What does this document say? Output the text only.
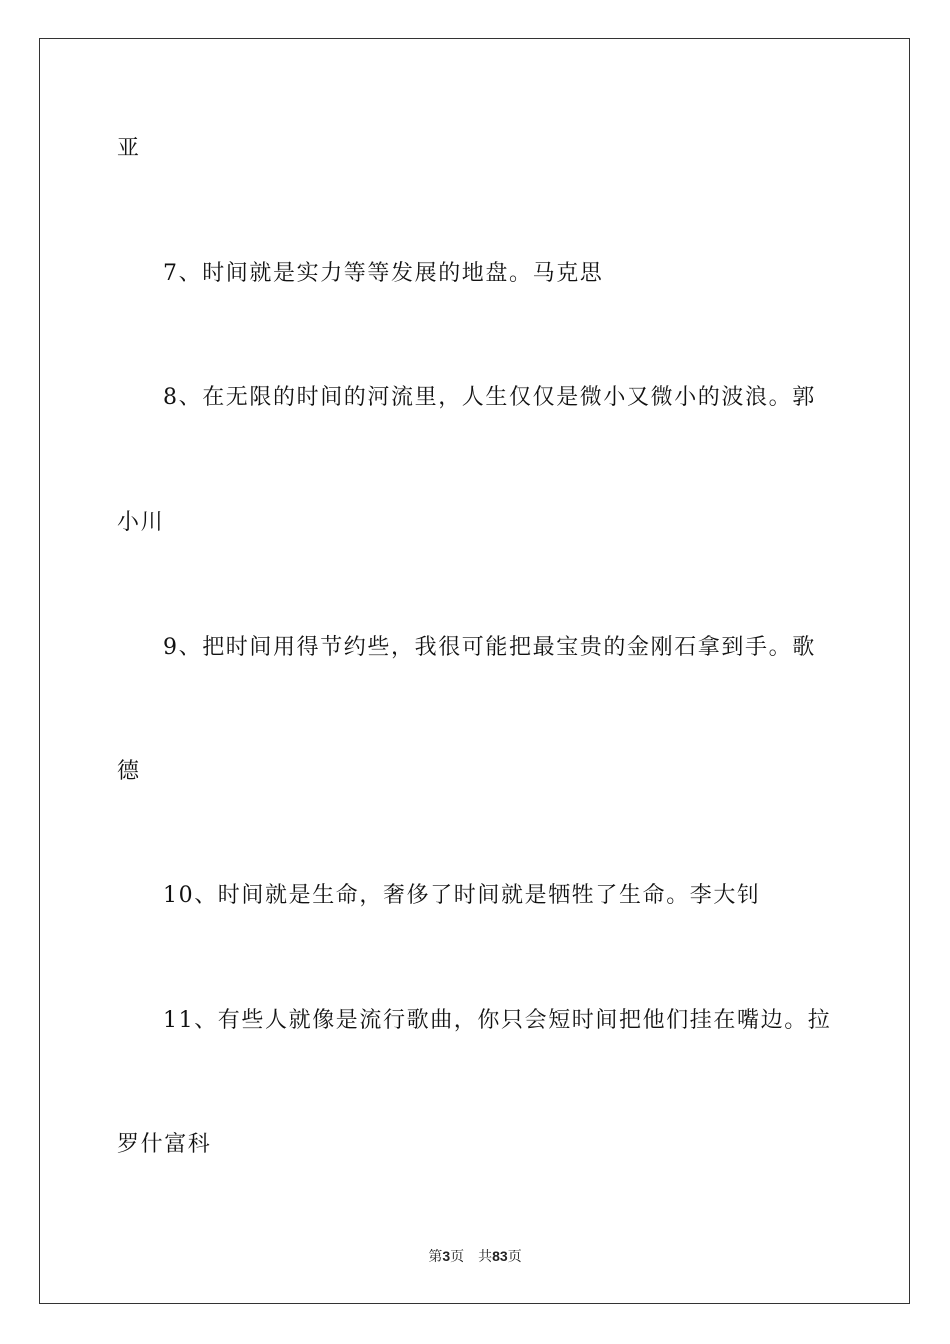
亚
7、时间就是实力等等发展的地盘。马克思
8、在无限的时间的河流里，人生仅仅是微小又微小的波浪。郭
小川
9、把时间用得节约些，我很可能把最宝贵的金刚石拿到手。歌
德
10、时间就是生命，奢侈了时间就是牺牲了生命。李大钊
11、有些人就像是流行歌曲，你只会短时间把他们挂在嘴边。拉
罗什富科
第3页 共83页
